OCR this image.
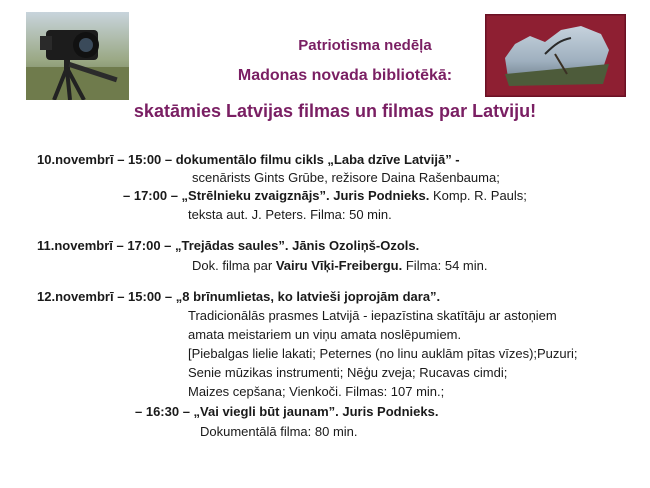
Patriotisma nedēļa
Madonas novada bibliotēkā:
skatāmies Latvijas filmas un filmas par Latviju!
10.novembrī – 15:00 – dokumentālo filmu cikls „Laba dzīve Latvijā” -
scenārists Gints Grūbe, režisore Daina Rašenbauma;
– 17:00 – „Strēlnieku zvaigznājs”. Juris Podnieks. Komp. R. Pauls;
teksta aut. J. Peters. Filma: 50 min.
11.novembrī – 17:00 – „Trejādas saules”. Jānis Ozoliņš-Ozols.
Dok. filma par Vairu Vīķi-Freibergu. Filma: 54 min.
12.novembrī – 15:00 – „8 brīnumlietas, ko latvieši joprojām dara”.
Tradicionālās prasmes Latvijā - iepazīstina skatītāju ar astoņiem
amata meistariem un viņu amata noslēpumiem.
[Piebalgas lielie lakati; Peternes (no linu auklām pītas vīzes);Puzuri;
Senie mūzikas instrumenti; Nēģu zveja; Rucavas cimdi;
Maizes cepšana; Vienkoči. Filmas: 107 min.;
– 16:30 – „Vai viegli būt jaunam”. Juris Podnieks.
Dokumentālā filma: 80 min.
